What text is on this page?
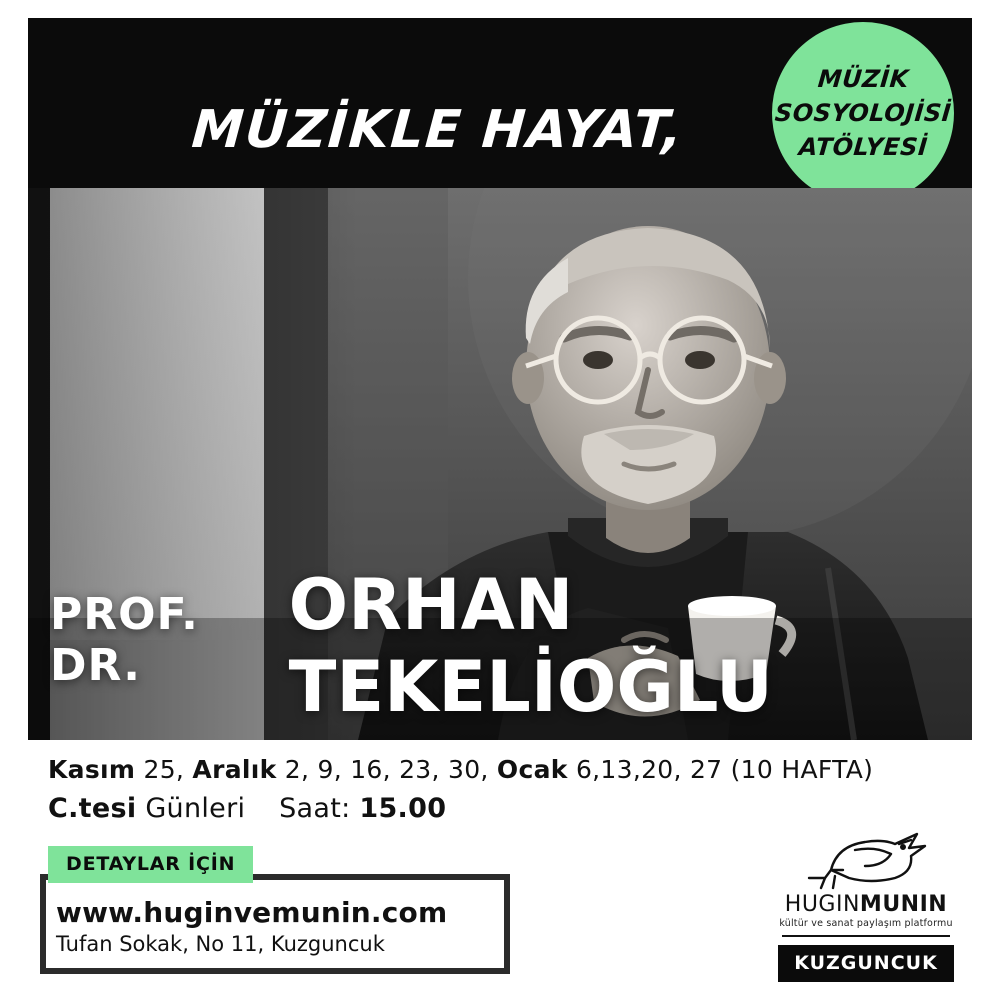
MÜZİKLE HAYAT,

MÜZİK
SOSYOLOJİSİ
ATÖLYESİ
PROF. DR.
ORHAN TEKELİOĞLU
Kasım 25, Aralık 2, 9, 16, 23, 30, Ocak 6,13,20, 27 (10 HAFTA)
C.tesi Günleri Saat: 15.00
DETAYLAR İÇİN
www.huginvemunin.com
Tufan Sokak, No 11, Kuzguncuk
HUGINMUNIN
kültür ve sanat paylaşım platformu
KUZGUNCUK
